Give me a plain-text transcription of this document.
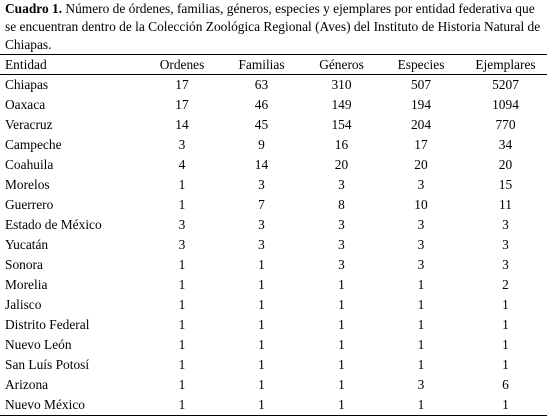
Cuadro 1. Número de órdenes, familias, géneros, especies y ejemplares por entidad federativa que se encuentran dentro de la Colección Zoológica Regional (Aves) del Instituto de Historia Natural de Chiapas.
Entidad	Ordenes	Familias	Géneros	Especies	Ejemplares
Chiapas	17	63	310	507	5207
Oaxaca	17	46	149	194	1094
Veracruz	14	45	154	204	770
Campeche	3	9	16	17	34
Coahuila	4	14	20	20	20
Morelos	1	3	3	3	15
Guerrero	1	7	8	10	11
Estado de México	3	3	3	3	3
Yucatán	3	3	3	3	3
Sonora	1	1	3	3	3
Morelia	1	1	1	1	2
Jalisco	1	1	1	1	1
Distrito Federal	1	1	1	1	1
Nuevo León	1	1	1	1	1
San Luís Potosí	1	1	1	1	1
Arizona	1	1	1	3	6
Nuevo México	1	1	1	1	1
